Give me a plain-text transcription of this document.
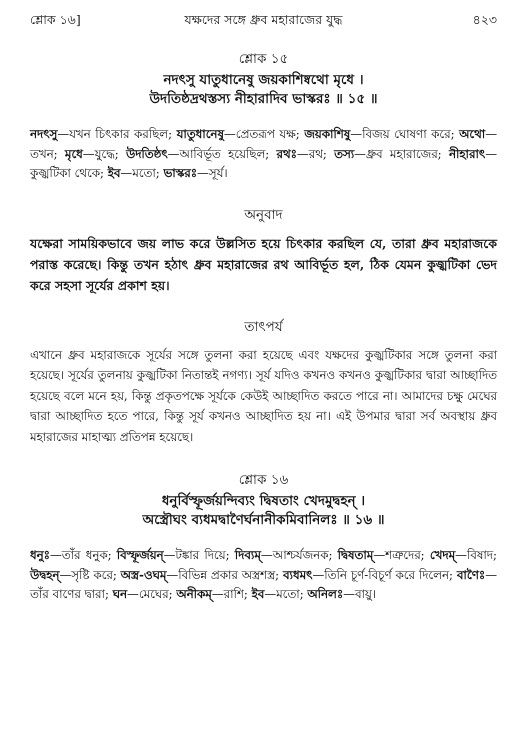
শ্লোক ১৬]	যক্ষদের সঙ্গে ধ্রুব মহারাজের যুদ্ধ	৪২৩
শ্লোক ১৫
নদৎসু যাতুধানেষু জয়কাশিষ্বথো মৃধে ।
উদতিষ্ঠদ্রথস্তস্য নীহারাদিব ভাস্করঃ ॥ ১৫ ॥
নদৎসু—যখন চিৎকার করছিল; যাতুধানেষু—প্রেতরূপ যক্ষ; জয়কাশিষু—বিজয় ঘোষণা করে; অথো—তখন; মৃধে—যুদ্ধে; উদতিষ্ঠৎ—আবির্ভূত হয়েছিল; রথঃ—রথ; তস্য—ধ্রুব মহারাজের; নীহারাৎ—কুজ্ঝটিকা থেকে; ইব—মতো; ভাস্করঃ—সূর্য।
অনুবাদ
যক্ষেরা সাময়িকভাবে জয় লাভ করে উল্লসিত হয়ে চিৎকার করছিল যে, তারা ধ্রুব মহারাজকে পরাস্ত করেছে। কিন্তু তখন হঠাৎ ধ্রুব মহারাজের রথ আবির্ভূত হল, ঠিক যেমন কুজ্ঝটিকা ভেদ করে সহসা সূর্যের প্রকাশ হয়।
তাৎপর্য
এখানে ধ্রুব মহারাজকে সূর্যের সঙ্গে তুলনা করা হয়েছে এবং যক্ষদের কুজ্ঝটিকার সঙ্গে তুলনা করা হয়েছে। সূর্যের তুলনায় কুজ্ঝটিকা নিতান্তই নগণ্য। সূর্য যদিও কখনও কখনও কুজ্ঝটিকার দ্বারা আচ্ছাদিত হয়েছে বলে মনে হয়, কিন্তু প্রকৃতপক্ষে সূর্যকে কেউই আচ্ছাদিত করতে পারে না। আমাদের চক্ষু মেঘের দ্বারা আচ্ছাদিত হতে পারে, কিন্তু সূর্য কখনও আচ্ছাদিত হয় না। এই উপমার দ্বারা সর্ব অবস্থায় ধ্রুব মহারাজের মাহাত্ম্য প্রতিপন্ন হয়েছে।
শ্লোক ১৬
ধনুর্বিস্ফূর্জয়ন্দিব্যং দ্বিষতাং খেদমুদ্বহন্ ।
অস্ত্রৌঘং ব্যধমদ্বাণৈর্ঘনানীকমিবানিলঃ ॥ ১৬ ॥
ধনুঃ—তাঁর ধনুক; বিস্ফূর্জয়ন্—টঙ্কার দিয়ে; দিব্যম্—আশ্চর্যজনক; দ্বিষতাম্—শত্রুদের; খেদম্—বিষাদ; উদ্বহন্—সৃষ্টি করে; অস্ত্র-ওঘম্—বিভিন্ন প্রকার অস্ত্রশস্ত্র; ব্যধমৎ—তিনি চূর্ণ-বিচূর্ণ করে দিলেন; বাণৈঃ—তাঁর বাণের দ্বারা; ঘন—মেঘের; অনীকম্—রাশি; ইব—মতো; অনিলঃ—বায়ু।
